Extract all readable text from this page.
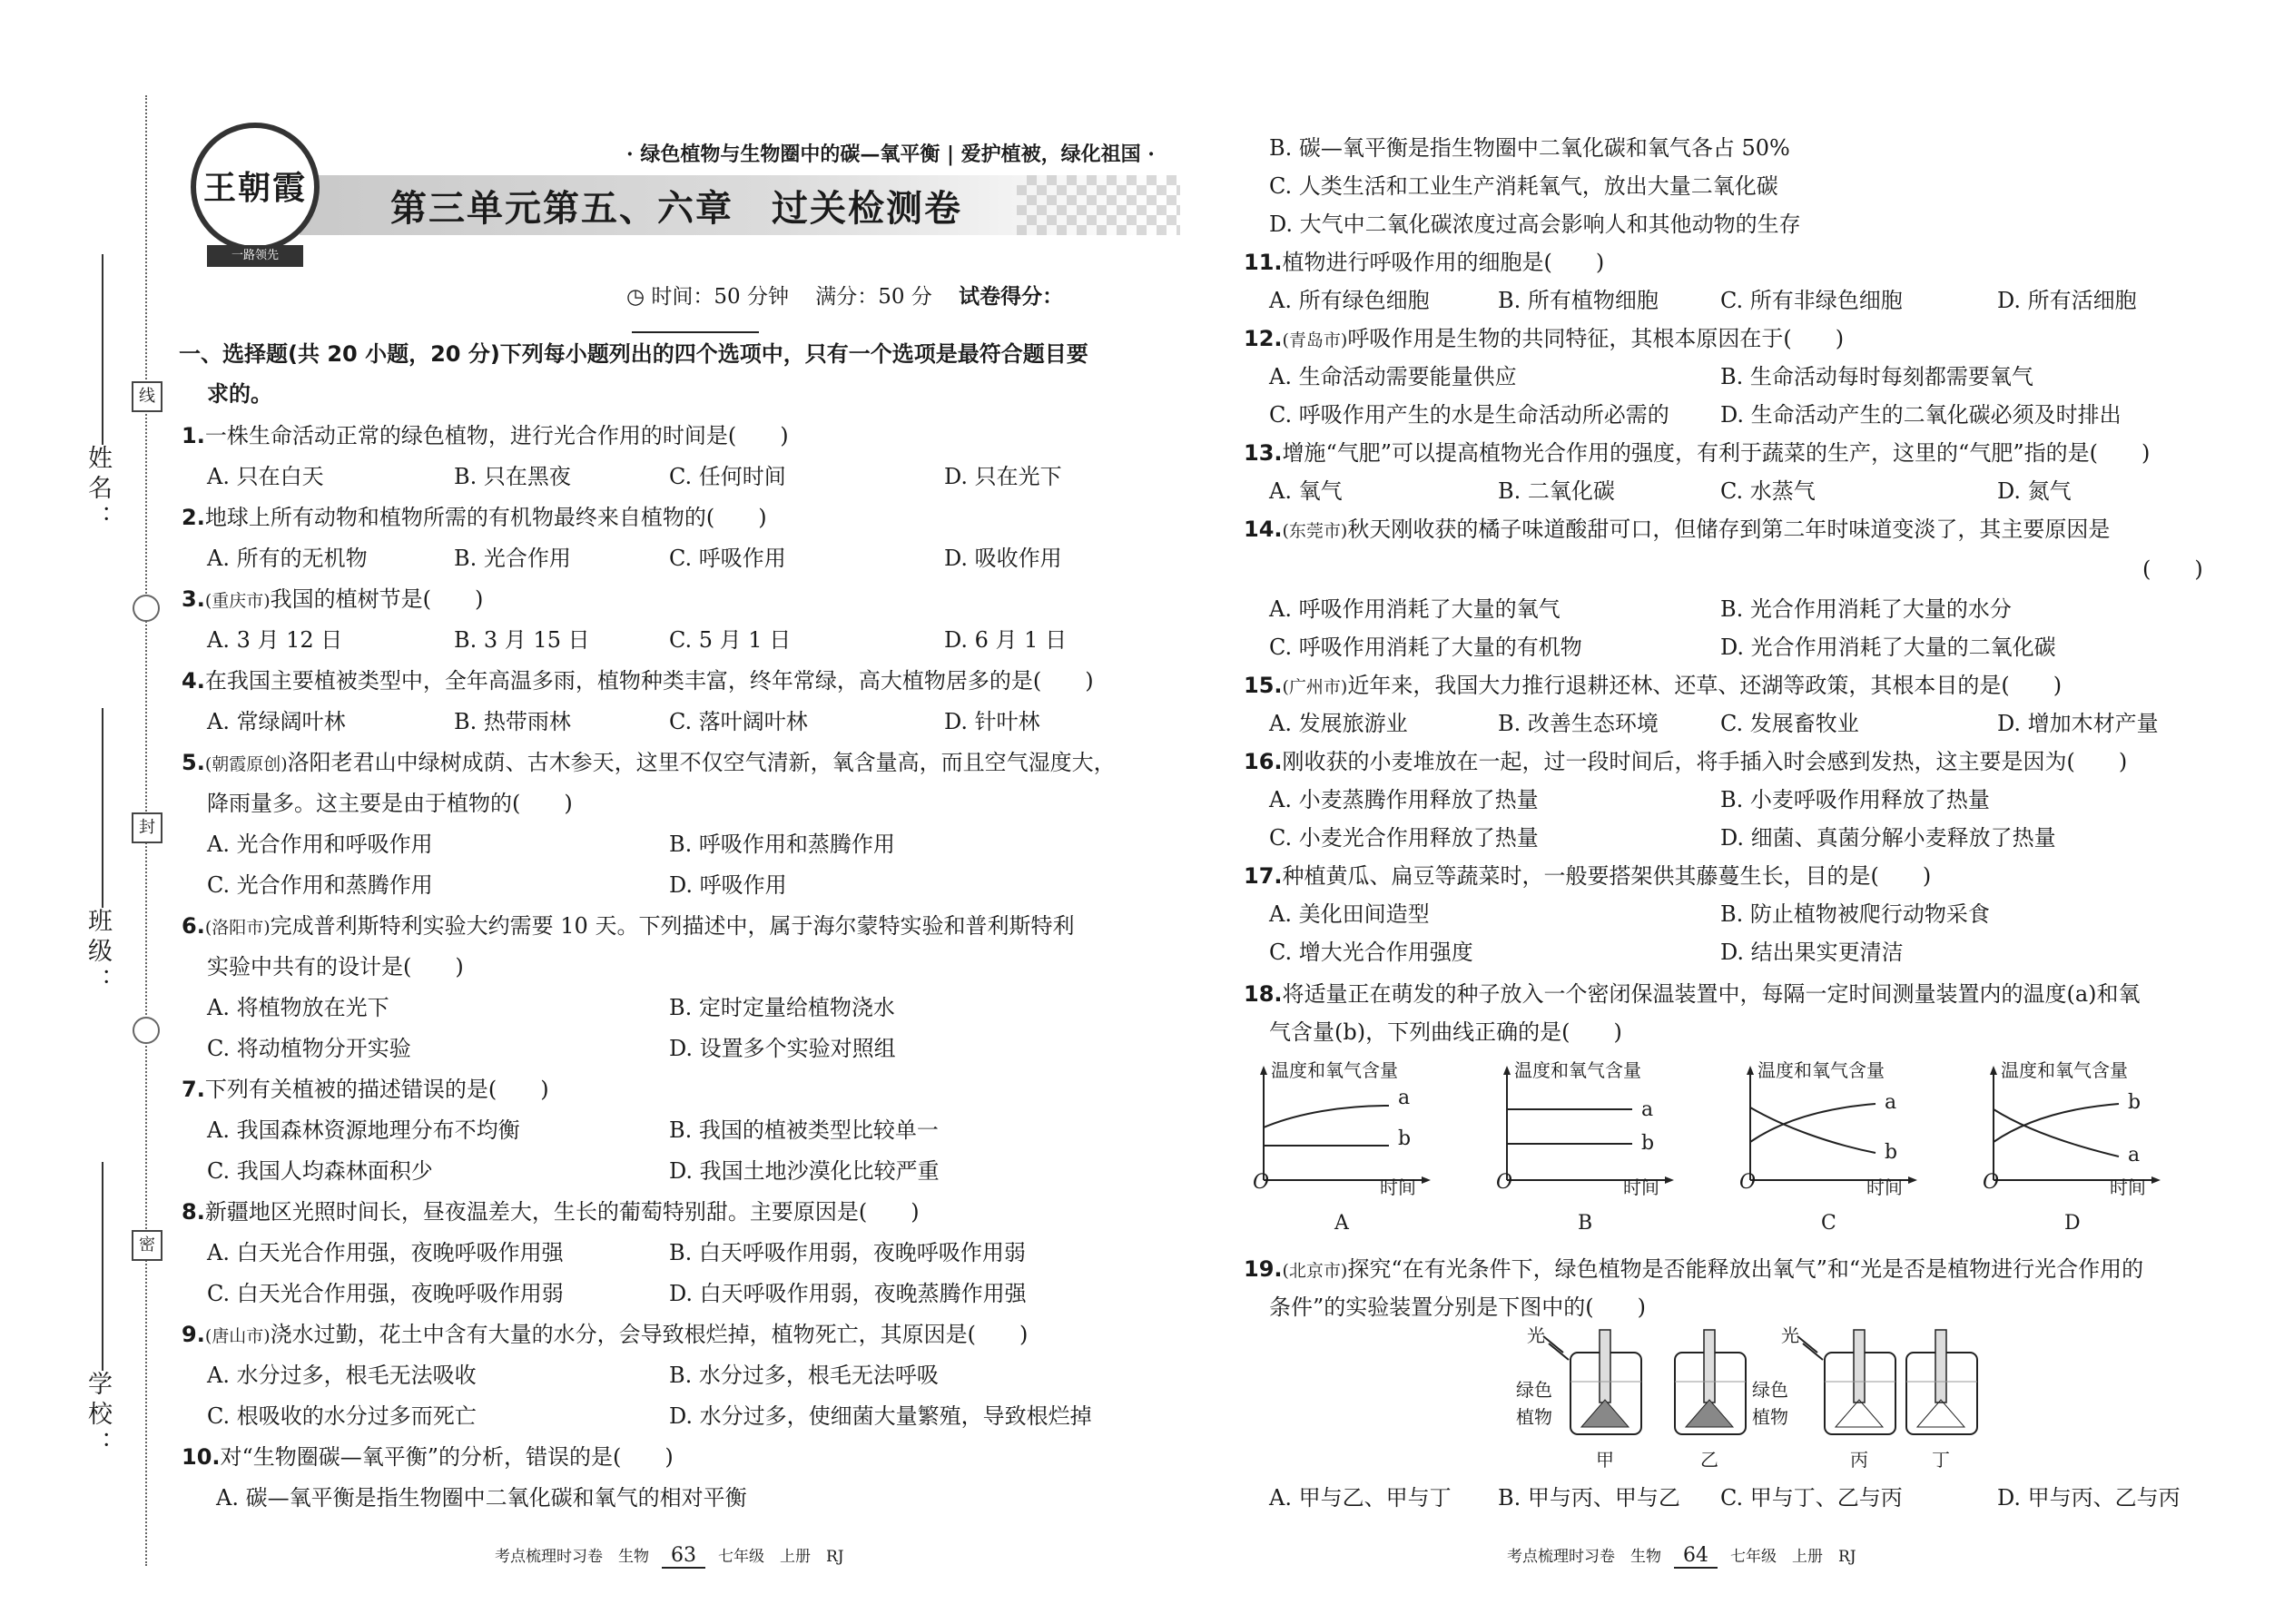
姓名：
班级：
学校：
线
封
密
王朝霞
一路领先
· 绿色植物与生物圈中的碳—氧平衡 | 爱护植被，绿化祖国 ·
第三单元第五、六章　过关检测卷
◷ 时间：50 分钟 满分：50 分 试卷得分：
一、选择题(共 20 小题，20 分)下列每小题列出的四个选项中，只有一个选项是最符合题目要
求的。
1.一株生命活动正常的绿色植物，进行光合作用的时间是(　　)
A. 只在白天	B. 只在黑夜	C. 任何时间	D. 只在光下
2.地球上所有动物和植物所需的有机物最终来自植物的(　　)
A. 所有的无机物	B. 光合作用	C. 呼吸作用	D. 吸收作用
3.(重庆市)我国的植树节是(　　)
A. 3 月 12 日	B. 3 月 15 日	C. 5 月 1 日	D. 6 月 1 日
4.在我国主要植被类型中，全年高温多雨，植物种类丰富，终年常绿，高大植物居多的是(　　)
A. 常绿阔叶林	B. 热带雨林	C. 落叶阔叶林	D. 针叶林
5.(朝霞原创)洛阳老君山中绿树成荫、古木参天，这里不仅空气清新，氧含量高，而且空气湿度大，
降雨量多。这主要是由于植物的(　　)
A. 光合作用和呼吸作用	B. 呼吸作用和蒸腾作用
C. 光合作用和蒸腾作用	D. 呼吸作用
6.(洛阳市)完成普利斯特利实验大约需要 10 天。下列描述中，属于海尔蒙特实验和普利斯特利
实验中共有的设计是(　　)
A. 将植物放在光下	B. 定时定量给植物浇水
C. 将动植物分开实验	D. 设置多个实验对照组
7.下列有关植被的描述错误的是(　　)
A. 我国森林资源地理分布不均衡	B. 我国的植被类型比较单一
C. 我国人均森林面积少	D. 我国土地沙漠化比较严重
8.新疆地区光照时间长，昼夜温差大，生长的葡萄特别甜。主要原因是(　　)
A. 白天光合作用强，夜晚呼吸作用强	B. 白天呼吸作用弱，夜晚呼吸作用弱
C. 白天光合作用强，夜晚呼吸作用弱	D. 白天呼吸作用弱，夜晚蒸腾作用强
9.(唐山市)浇水过勤，花土中含有大量的水分，会导致根烂掉，植物死亡，其原因是(　　)
A. 水分过多，根毛无法吸收	B. 水分过多，根毛无法呼吸
C. 根吸收的水分过多而死亡	D. 水分过多，使细菌大量繁殖，导致根烂掉
10.对“生物圈碳—氧平衡”的分析，错误的是(　　)
A. 碳—氧平衡是指生物圈中二氧化碳和氧气的相对平衡
考点梳理时习卷　生物 63 七年级　上册　RJ
B. 碳—氧平衡是指生物圈中二氧化碳和氧气各占 50%
C. 人类生活和工业生产消耗氧气，放出大量二氧化碳
D. 大气中二氧化碳浓度过高会影响人和其他动物的生存
11.植物进行呼吸作用的细胞是(　　)
A. 所有绿色细胞	B. 所有植物细胞	C. 所有非绿色细胞	D. 所有活细胞
12.(青岛市)呼吸作用是生物的共同特征，其根本原因在于(　　)
A. 生命活动需要能量供应	B. 生命活动每时每刻都需要氧气
C. 呼吸作用产生的水是生命活动所必需的 D. 生命活动产生的二氧化碳必须及时排出
13.增施“气肥”可以提高植物光合作用的强度，有利于蔬菜的生产，这里的“气肥”指的是(　　)
A. 氧气	B. 二氧化碳	C. 水蒸气	D. 氮气
14.(东莞市)秋天刚收获的橘子味道酸甜可口，但储存到第二年时味道变淡了，其主要原因是
(　　)
A. 呼吸作用消耗了大量的氧气	B. 光合作用消耗了大量的水分
C. 呼吸作用消耗了大量的有机物	D. 光合作用消耗了大量的二氧化碳
15.(广州市)近年来，我国大力推行退耕还林、还草、还湖等政策，其根本目的是(　　)
A. 发展旅游业	B. 改善生态环境	C. 发展畜牧业	D. 增加木材产量
16.刚收获的小麦堆放在一起，过一段时间后，将手插入时会感到发热，这主要是因为(　　)
A. 小麦蒸腾作用释放了热量	B. 小麦呼吸作用释放了热量
C. 小麦光合作用释放了热量	D. 细菌、真菌分解小麦释放了热量
17.种植黄瓜、扁豆等蔬菜时，一般要搭架供其藤蔓生长，目的是(　　)
A. 美化田间造型	B. 防止植物被爬行动物采食
C. 增大光合作用强度	D. 结出果实更清洁
18.将适量正在萌发的种子放入一个密闭保温装置中，每隔一定时间测量装置内的温度(a)和氧
气含量(b)，下列曲线正确的是(　　)
温度和氧气含量
a
b
O	时间
A
温度和氧气含量
a
b
O	时间
B
温度和氧气含量
a
b
O	时间
C
温度和氧气含量
b
a
O	时间
D
19.(北京市)探究“在有光条件下，绿色植物是否能释放出氧气”和“光是否是植物进行光合作用的
条件”的实验装置分别是下图中的(　　)
光	光
绿色
植物
绿色
植物
甲	乙	丙	丁
A. 甲与乙、甲与丁 B. 甲与丙、甲与乙 C. 甲与丁、乙与丙	D. 甲与丙、乙与丙
考点梳理时习卷　生物 64 七年级　上册　RJ
